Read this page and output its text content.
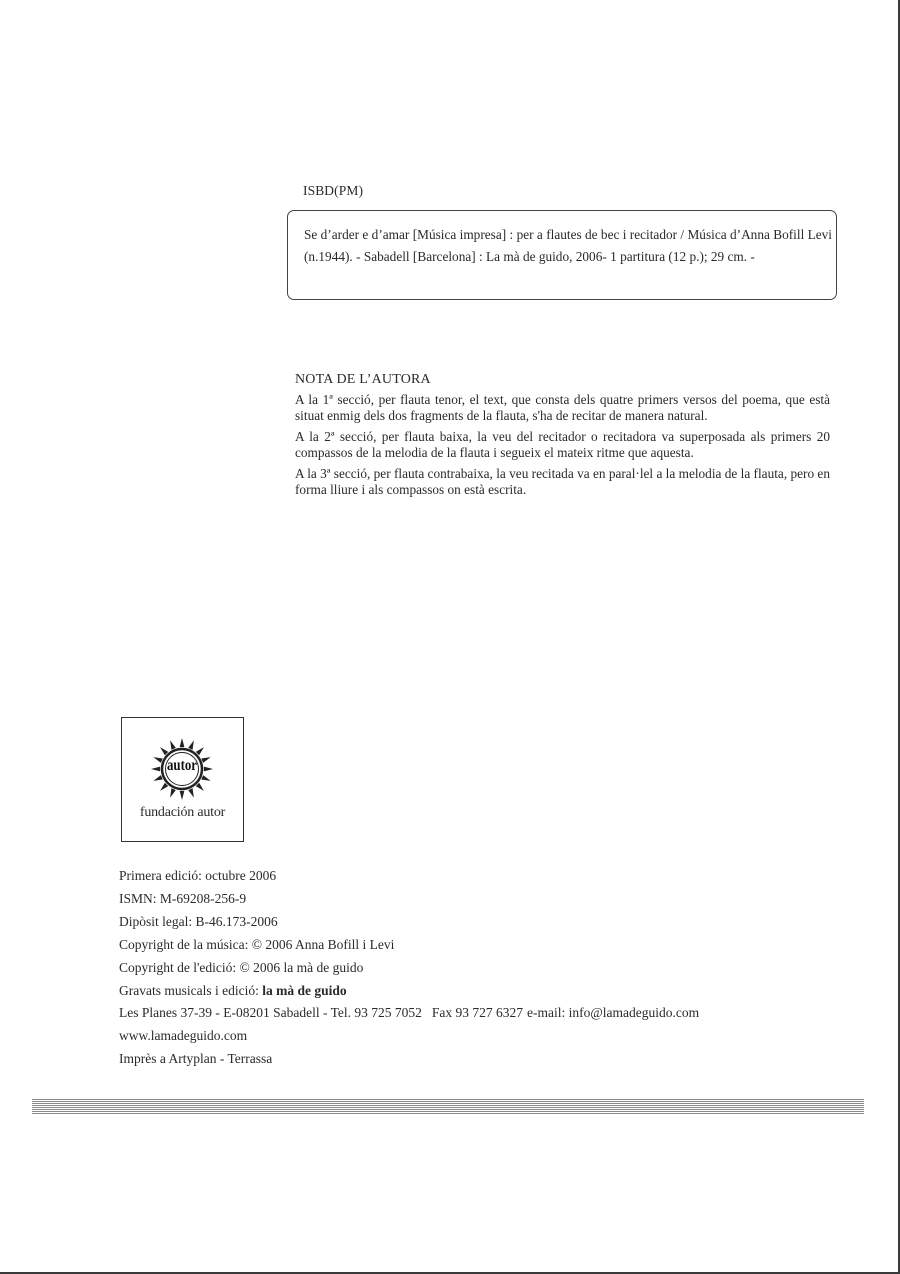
ISBD(PM)

Se d’arder e d’amar [Música impresa] : per a flautes de bec i recitador / Música d’Anna Bofill Levi (n.1944). - Sabadell [Barcelona] : La mà de guido, 2006- 1 partitura (12 p.); 29 cm. -

NOTA DE L’AUTORA

A la 1ª secció, per flauta tenor, el text, que consta dels quatre primers versos del poema, que està situat enmig dels dos fragments de la flauta, s'ha de recitar de manera natural.

A la 2ª secció, per flauta baixa, la veu del recitador o recitadora va superposada als primers 20 compassos de la melodia de la flauta i segueix el mateix ritme que aquesta.

A la 3ª secció, per flauta contrabaixa, la veu recitada va en paral·lel a la melodia de la flauta, pero en forma lliure i als compassos on està escrita.

autor
fundación autor
Primera edició: octubre 2006
ISMN: M-69208-256-9
Dipòsit legal: B-46.173-2006
Copyright de la música: © 2006 Anna Bofill i Levi
Copyright de l'edició: © 2006 la mà de guido
Gravats musicals i edició: la mà de guido
Les Planes 37-39 - E-08201 Sabadell - Tel. 93 725 7052 Fax 93 727 6327 e-mail: info@lamadeguido.com
www.lamadeguido.com
Imprès a Artyplan - Terrassa
